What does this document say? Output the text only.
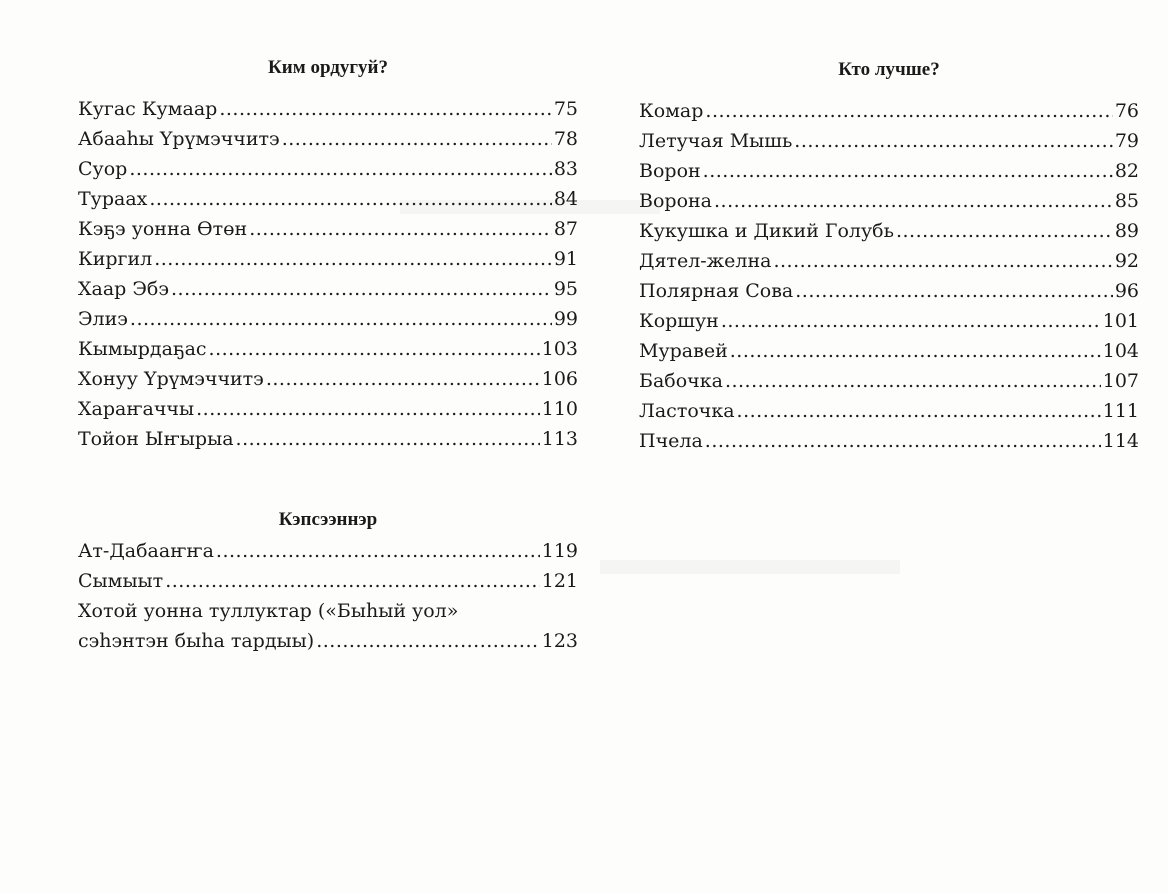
Ким ордугуй?
Кугас Кумаар .....	75
Абааһы Үрүмэччитэ .....	78
Суор .....	83
Тураах .....	84
Кэҕэ уонна Өтөн .....	87
Киргил .....	91
Хаар Эбэ .....	95
Элиэ .....	99
Кымырдаҕас .....	103
Хонуу Үрүмэччитэ .....	106
Хараҥаччы .....	110
Тойон Ыҥырыа .....	113
Кэпсээннэр
Ат-Дабааҥҥа .....	119
Сымыыт .....	121
Хотой уонна туллуктар («Быһый уол»
сэһэнтэн быһа тардыы) .....	123
Кто лучше?
Комар .....	76
Летучая Мышь .....	79
Ворон .....	82
Ворона .....	85
Кукушка и Дикий Голубь .....	89
Дятел-желна .....	92
Полярная Сова .....	96
Коршун .....	101
Муравей .....	104
Бабочка .....	107
Ласточка .....	111
Пчела .....	114
